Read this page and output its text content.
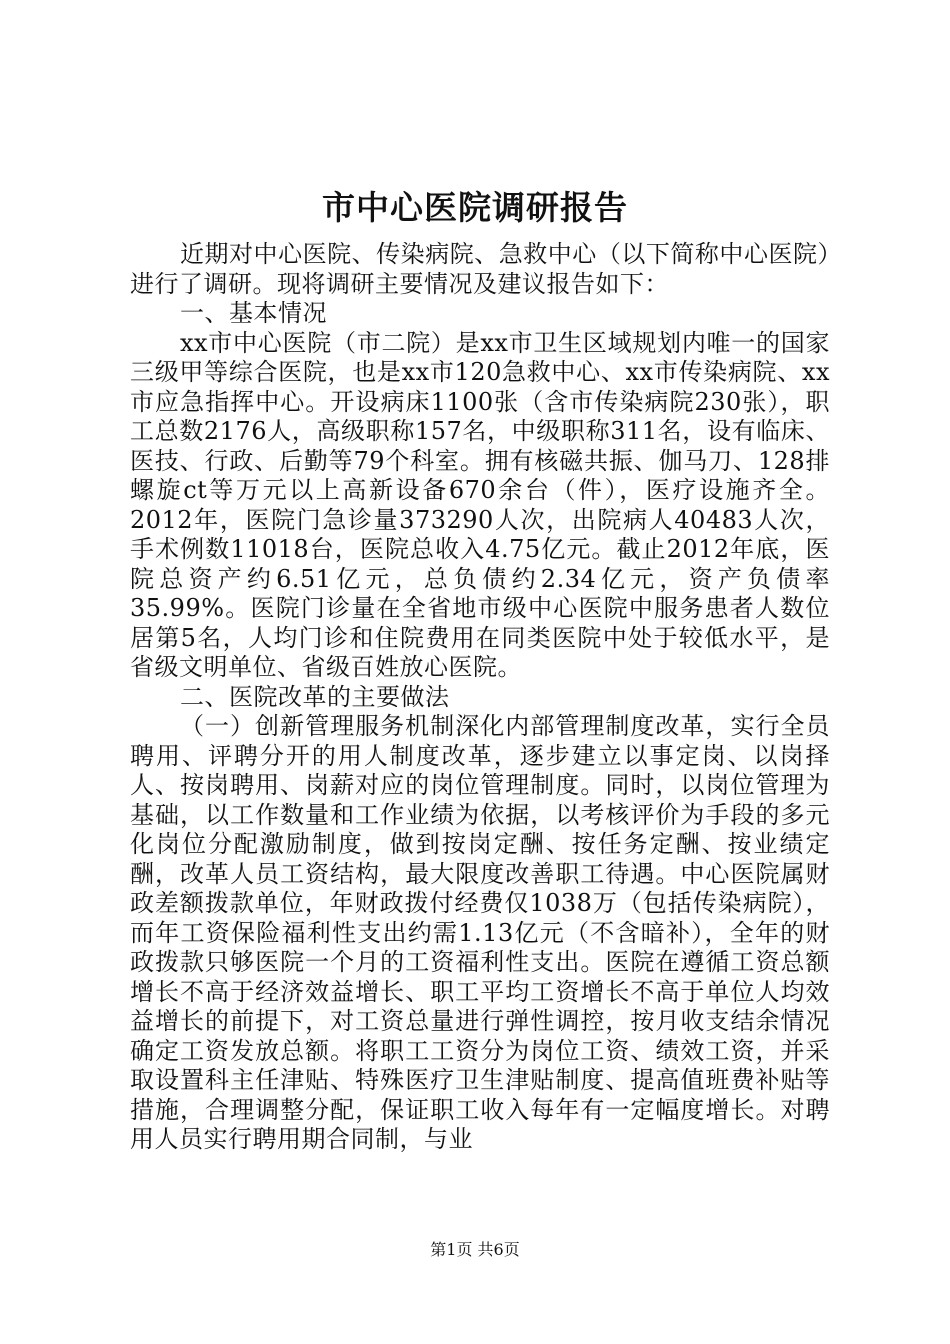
市中心医院调研报告

近期对中心医院、传染病院、急救中心（以下简称中心医院）进行了调研。现将调研主要情况及建议报告如下：

一、基本情况

xx市中心医院（市二院）是xx市卫生区域规划内唯一的国家三级甲等综合医院，也是xx市120急救中心、xx市传染病院、xx市应急指挥中心。开设病床1100张（含市传染病院230张），职工总数2176人，高级职称157名，中级职称311名，设有临床、医技、行政、后勤等79个科室。拥有核磁共振、伽马刀、128排螺旋ct等万元以上高新设备670余台（件），医疗设施齐全。2012年，医院门急诊量373290人次，出院病人40483人次，手术例数11018台，医院总收入4.75亿元。截止2012年底，医院总资产约6.51亿元，总负债约2.34亿元，资产负债率35.99%。医院门诊量在全省地市级中心医院中服务患者人数位居第5名，人均门诊和住院费用在同类医院中处于较低水平，是省级文明单位、省级百姓放心医院。

二、医院改革的主要做法

（一）创新管理服务机制深化内部管理制度改革，实行全员聘用、评聘分开的用人制度改革，逐步建立以事定岗、以岗择人、按岗聘用、岗薪对应的岗位管理制度。同时，以岗位管理为基础，以工作数量和工作业绩为依据，以考核评价为手段的多元化岗位分配激励制度，做到按岗定酬、按任务定酬、按业绩定酬，改革人员工资结构，最大限度改善职工待遇。中心医院属财政差额拨款单位，年财政拨付经费仅1038万（包括传染病院），而年工资保险福利性支出约需1.13亿元（不含暗补），全年的财政拨款只够医院一个月的工资福利性支出。医院在遵循工资总额增长不高于经济效益增长、职工平均工资增长不高于单位人均效益增长的前提下，对工资总量进行弹性调控，按月收支结余情况确定工资发放总额。将职工工资分为岗位工资、绩效工资，并采取设置科主任津贴、特殊医疗卫生津贴制度、提高值班费补贴等措施，合理调整分配，保证职工收入每年有一定幅度增长。对聘用人员实行聘用期合同制，与业

第1页 共6页
